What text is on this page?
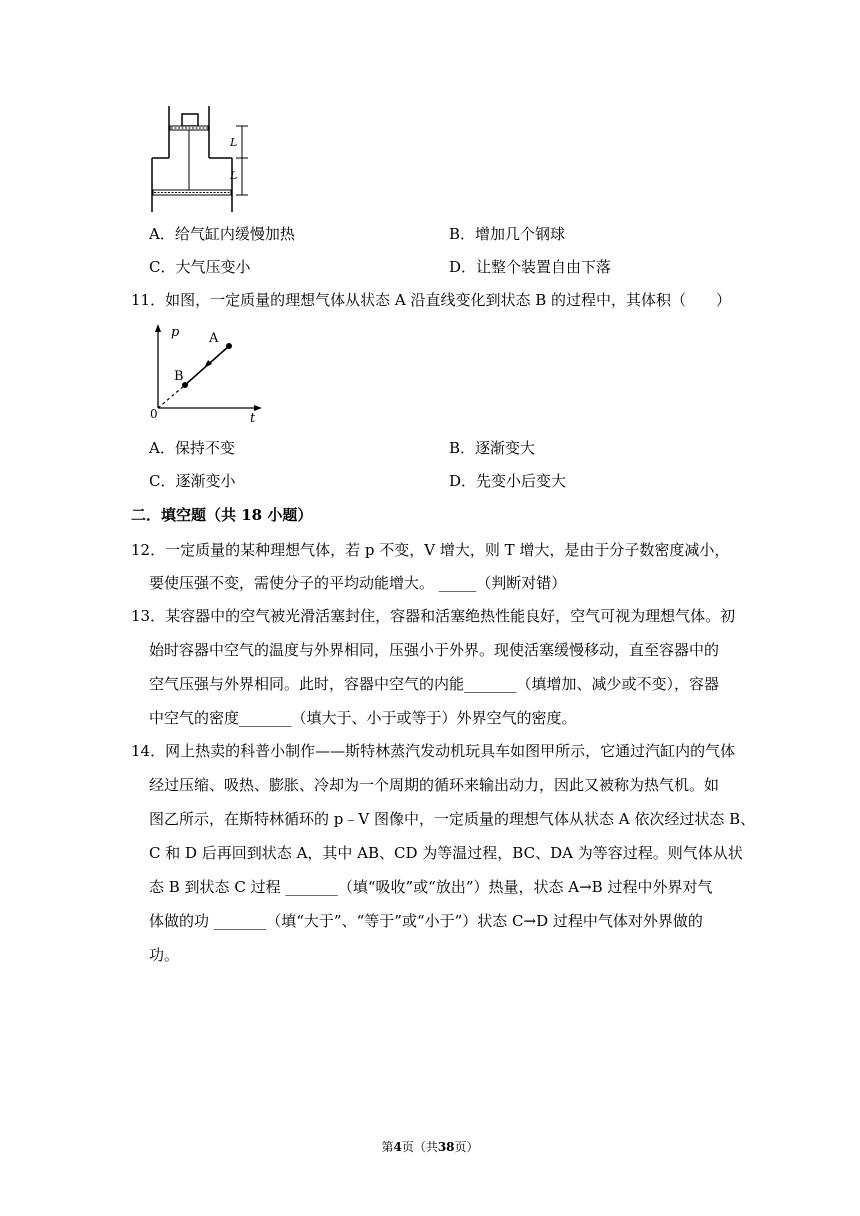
L
L
A．给气缸内缓慢加热	B．增加几个钢球
C．大气压变小	D．让整个装置自由下落
11．如图，一定质量的理想气体从状态 A 沿直线变化到状态 B 的过程中，其体积（　　）
p
t
0
A
B
A．保持不变	B．逐渐变大
C．逐渐变小	D．先变小后变大
二．填空题（共 18 小题）
12．一定质量的某种理想气体，若 p 不变，V 增大，则 T 增大，是由于分子数密度减小，
要使压强不变，需使分子的平均动能增大。 _____（判断对错）
13．某容器中的空气被光滑活塞封住，容器和活塞绝热性能良好，空气可视为理想气体。初
始时容器中空气的温度与外界相同，压强小于外界。现使活塞缓慢移动，直至容器中的
空气压强与外界相同。此时，容器中空气的内能_______（填增加、减少或不变），容器
中空气的密度_______（填大于、小于或等于）外界空气的密度。
14．网上热卖的科普小制作——斯特林蒸汽发动机玩具车如图甲所示，它通过汽缸内的气体
经过压缩、吸热、膨胀、冷却为一个周期的循环来输出动力，因此又被称为热气机。如
图乙所示，在斯特林循环的 p﹣V 图像中，一定质量的理想气体从状态 A 依次经过状态 B、
C 和 D 后再回到状态 A，其中 AB、CD 为等温过程，BC、DA 为等容过程。则气体从状
态 B 到状态 C 过程 _______（填“吸收”或“放出”）热量，状态 A→B 过程中外界对气
体做的功 _______（填“大于”、“等于”或“小于”）状态 C→D 过程中气体对外界做的
功。
第4页（共38页）
